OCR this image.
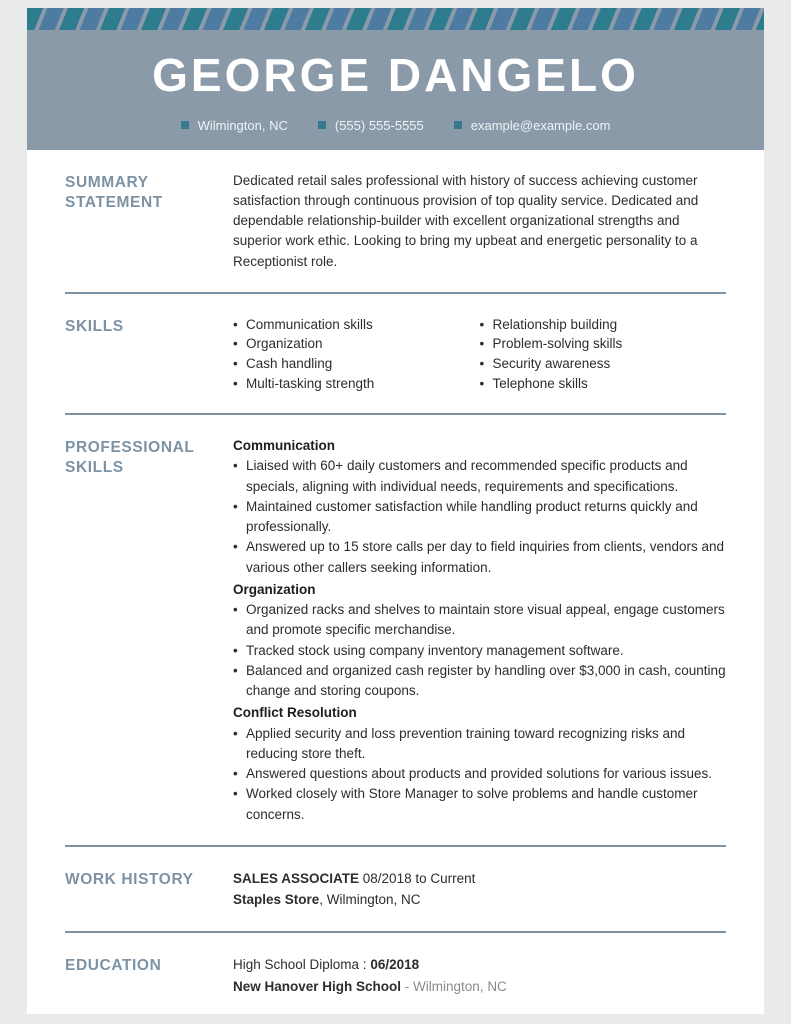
GEORGE DANGELO
Wilmington, NC	(555) 555-5555	example@example.com
SUMMARY STATEMENT

Dedicated retail sales professional with history of success achieving customer satisfaction through continuous provision of top quality service. Dedicated and dependable relationship-builder with excellent organizational strengths and superior work ethic. Looking to bring my upbeat and energetic personality to a Receptionist role.

SKILLS	• Communication skills
• Organization
• Cash handling
• Multi-tasking strength
• Relationship building
• Problem-solving skills
• Security awareness
• Telephone skills
PROFESSIONAL SKILLS
Communication
• Liaised with 60+ daily customers and recommended specific products and specials, aligning with individual needs, requirements and specifications.
• Maintained customer satisfaction while handling product returns quickly and professionally.
• Answered up to 15 store calls per day to field inquiries from clients, vendors and various other callers seeking information.
Organization
• Organized racks and shelves to maintain store visual appeal, engage customers and promote specific merchandise.
• Tracked stock using company inventory management software.
• Balanced and organized cash register by handling over $3,000 in cash, counting change and storing coupons.
Conflict Resolution
• Applied security and loss prevention training toward recognizing risks and reducing store theft.
• Answered questions about products and provided solutions for various issues.
• Worked closely with Store Manager to solve problems and handle customer concerns.
WORK HISTORY	SALES ASSOCIATE 08/2018 to Current

Staples Store, Wilmington, NC

EDUCATION	High School Diploma : 06/2018

New Hanover High School - Wilmington, NC
